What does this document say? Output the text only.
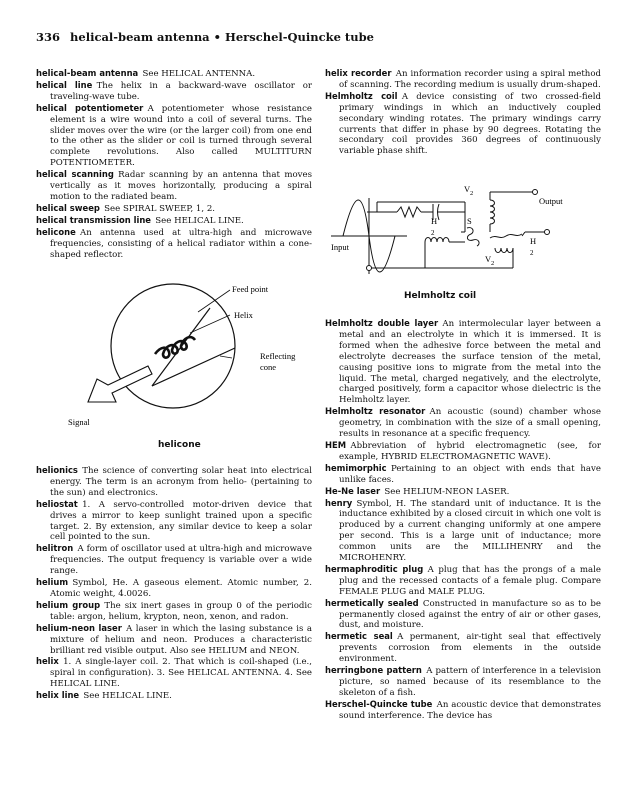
336 helical-beam antenna • Herschel-Quincke tube

helical-beam antenna  See HELICAL ANTENNA.

helical line  The helix in a backward-wave oscillator or traveling-wave tube.

helical potentiometer  A potentiometer whose resistance element is a wire wound into a coil of several turns. The slider moves over the wire (or the larger coil) from one end to the other as the slider or coil is turned through several complete revolutions. Also called MULTITURN POTENTIOMETER.

helical scanning  Radar scanning by an antenna that moves vertically as it moves horizontally, producing a spiral motion to the radiated beam.

helical sweep  See SPIRAL SWEEP, 1, 2.

helical transmission line  See HELICAL LINE.

helicone  An antenna used at ultra-high and microwave frequencies, consisting of a helical radiator within a cone-shaped reflector.

helionics  The science of converting solar heat into electrical energy. The term is an acronym from helio- (pertaining to the sun) and electronics.

heliostat  1. A servo-controlled motor-driven device that drives a mirror to keep sunlight trained upon a specific target. 2. By extension, any similar device to keep a solar cell pointed to the sun.

helitron  A form of oscillator used at ultra-high and microwave frequencies. The output frequency is variable over a wide range.

helium  Symbol, He. A gaseous element. Atomic number, 2. Atomic weight, 4.0026.

helium group  The six inert gases in group 0 of the periodic table: argon, helium, krypton, neon, xenon, and radon.

helium-neon laser  A laser in which the lasing substance is a mixture of helium and neon. Produces a characteristic brilliant red visible output. Also see HELIUM and NEON.

helix  1. A single-layer coil. 2. That which is coil-shaped (i.e., spiral in configuration). 3. See HELICAL ANTENNA. 4. See HELICAL LINE.

helix line  See HELICAL LINE.

helix recorder  An information recorder using a spiral method of scanning. The recording medium is usually drum-shaped.

Helmholtz coil  A device consisting of two crossed-field primary windings in which an inductively coupled secondary winding rotates. The primary windings carry currents that differ in phase by 90 degrees. Rotating the secondary coil provides 360 degrees of continuously variable phase shift.

Helmholtz double layer  An intermolecular layer between a metal and an electrolyte in which it is immersed. It is formed when the adhesive force between the metal and electrolyte decreases the surface tension of the metal, causing positive ions to migrate from the metal into the liquid. The metal, charged negatively, and the electrolyte, charged positively, form a capacitor whose dielectric is the Helmholtz layer.

Helmholtz resonator  An acoustic (sound) chamber whose geometry, in combination with the size of a small opening, results in resonance at a specific frequency.

HEM  Abbreviation of hybrid electromagnetic (see, for example, HYBRID ELECTROMAGNETIC WAVE).

hemimorphic  Pertaining to an object with ends that have unlike faces.

He-Ne laser  See HELIUM-NEON LASER.

henry  Symbol, H. The standard unit of inductance. It is the inductance exhibited by a closed circuit in which one volt is produced by a current changing uniformly at one ampere per second. This is a large unit of inductance; more common units are the MILLIHENRY and the MICROHENRY.

hermaphroditic plug  A plug that has the prongs of a male plug and the recessed contacts of a female plug. Compare FEMALE PLUG and MALE PLUG.

hermetically sealed  Constructed in manufacture so as to be permanently closed against the entry of air or other gases, dust, and moisture.

hermetic seal  A permanent, air-tight seal that effectively prevents corrosion from elements in the outside environment.

herringbone pattern  A pattern of interference in a television picture, so named because of its resemblance to the skeleton of a fish.

Herschel-Quincke tube  An acoustic device that demonstrates sound interference. The device has

Feed point
Helix
Reflecting
cone
Signal
helicone
V 2
Output
H
2
S
H
2
Input
V 2
Helmholtz coil
